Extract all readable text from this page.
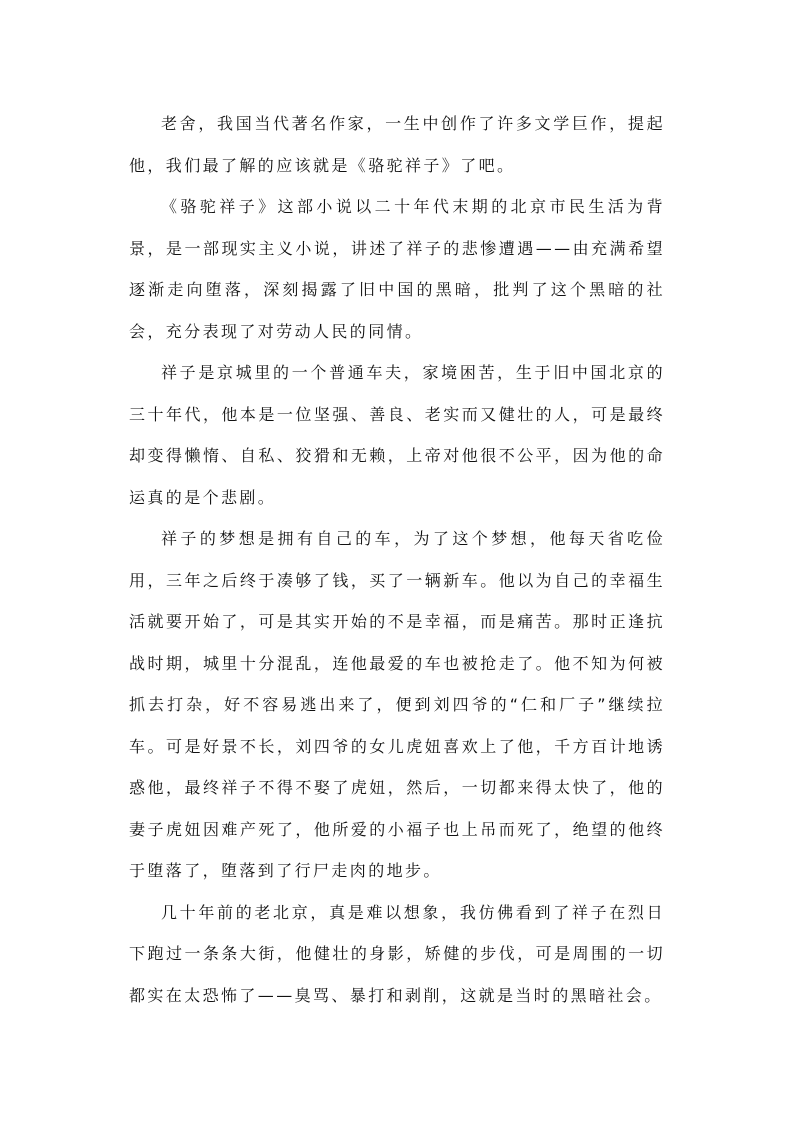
老舍，我国当代著名作家，一生中创作了许多文学巨作，提起他，我们最了解的应该就是《骆驼祥子》了吧。

《骆驼祥子》这部小说以二十年代末期的北京市民生活为背景，是一部现实主义小说，讲述了祥子的悲惨遭遇——由充满希望逐渐走向堕落，深刻揭露了旧中国的黑暗，批判了这个黑暗的社会，充分表现了对劳动人民的同情。

祥子是京城里的一个普通车夫，家境困苦，生于旧中国北京的三十年代，他本是一位坚强、善良、老实而又健壮的人，可是最终却变得懒惰、自私、狡猾和无赖，上帝对他很不公平，因为他的命运真的是个悲剧。

祥子的梦想是拥有自己的车，为了这个梦想，他每天省吃俭用，三年之后终于凑够了钱，买了一辆新车。他以为自己的幸福生活就要开始了，可是其实开始的不是幸福，而是痛苦。那时正逢抗战时期，城里十分混乱，连他最爱的车也被抢走了。他不知为何被抓去打杂，好不容易逃出来了，便到刘四爷的“仁和厂子”继续拉车。可是好景不长，刘四爷的女儿虎妞喜欢上了他，千方百计地诱惑他，最终祥子不得不娶了虎妞，然后，一切都来得太快了，他的妻子虎妞因难产死了，他所爱的小福子也上吊而死了，绝望的他终于堕落了，堕落到了行尸走肉的地步。

几十年前的老北京，真是难以想象，我仿佛看到了祥子在烈日下跑过一条条大街，他健壮的身影，矫健的步伐，可是周围的一切都实在太恐怖了——臭骂、暴打和剥削，这就是当时的黑暗社会。
